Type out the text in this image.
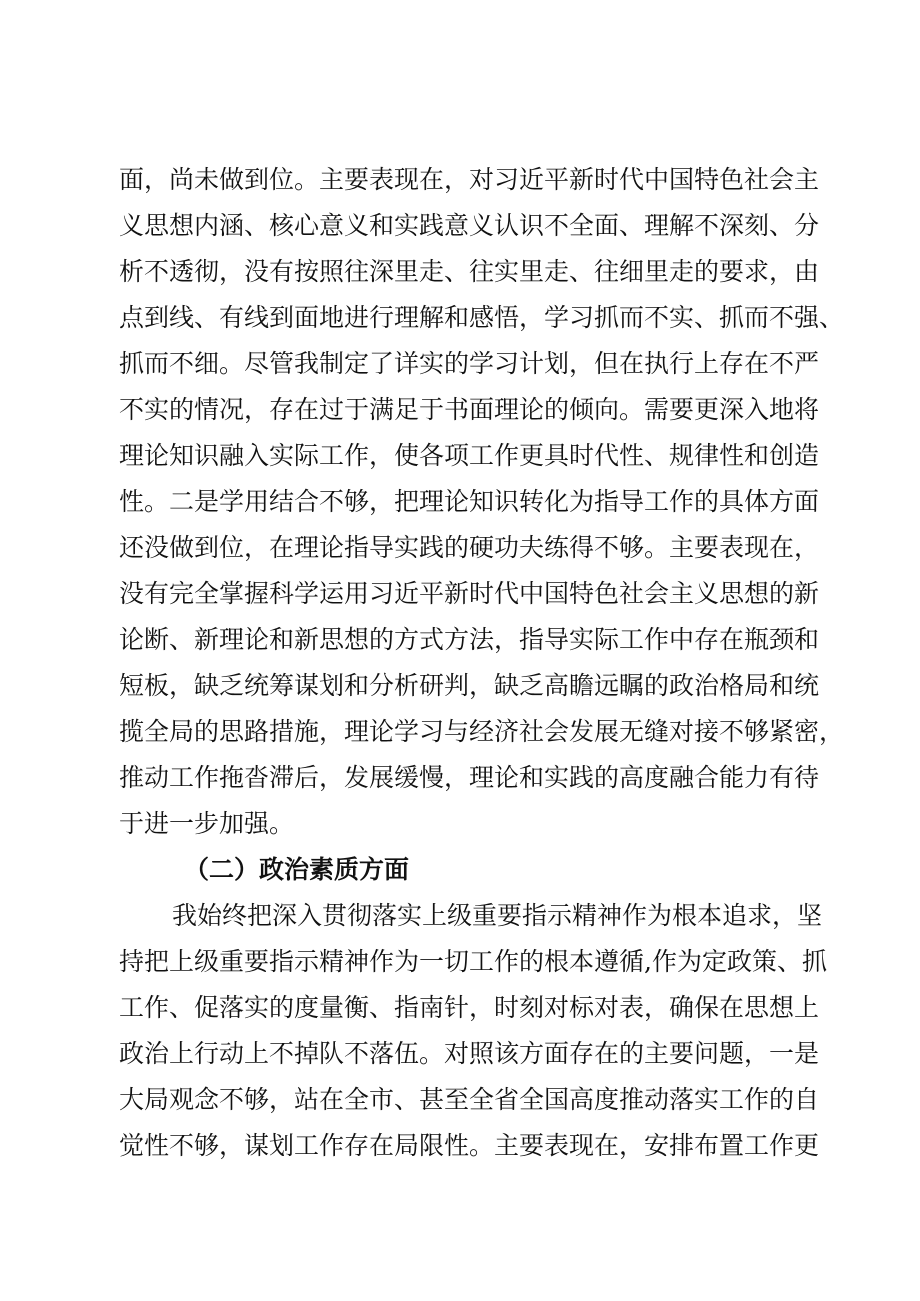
面，尚未做到位。主要表现在，对习近平新时代中国特色社会主
义思想内涵、核心意义和实践意义认识不全面、理解不深刻、分
析不透彻，没有按照往深里走、往实里走、往细里走的要求，由
点到线、有线到面地进行理解和感悟，学习抓而不实、抓而不强、
抓而不细。尽管我制定了详实的学习计划，但在执行上存在不严
不实的情况，存在过于满足于书面理论的倾向。需要更深入地将
理论知识融入实际工作，使各项工作更具时代性、规律性和创造
性。二是学用结合不够，把理论知识转化为指导工作的具体方面
还没做到位，在理论指导实践的硬功夫练得不够。主要表现在，
没有完全掌握科学运用习近平新时代中国特色社会主义思想的新
论断、新理论和新思想的方式方法，指导实际工作中存在瓶颈和
短板，缺乏统筹谋划和分析研判，缺乏高瞻远瞩的政治格局和统
揽全局的思路措施，理论学习与经济社会发展无缝对接不够紧密，
推动工作拖沓滞后，发展缓慢，理论和实践的高度融合能力有待
于进一步加强。
（二）政治素质方面
我始终把深入贯彻落实上级重要指示精神作为根本追求，坚
持把上级重要指示精神作为一切工作的根本遵循,作为定政策、抓
工作、促落实的度量衡、指南针，时刻对标对表，确保在思想上
政治上行动上不掉队不落伍。对照该方面存在的主要问题，一是
大局观念不够，站在全市、甚至全省全国高度推动落实工作的自
觉性不够，谋划工作存在局限性。主要表现在，安排布置工作更
